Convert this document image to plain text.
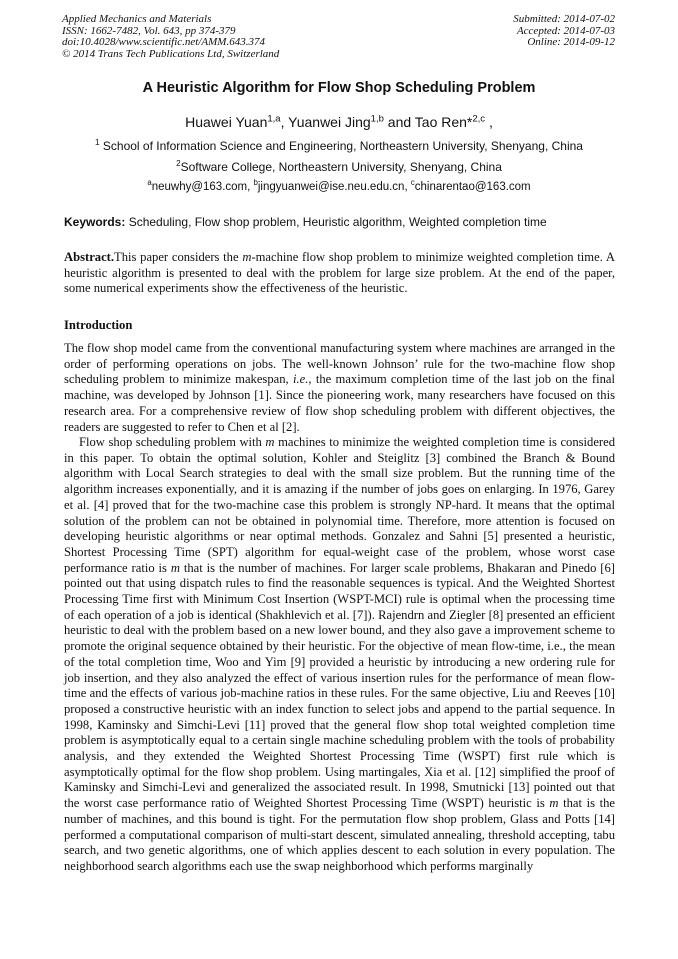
Applied Mechanics and Materials
ISSN: 1662-7482, Vol. 643, pp 374-379
doi:10.4028/www.scientific.net/AMM.643.374
© 2014 Trans Tech Publications Ltd, Switzerland
Submitted: 2014-07-02
Accepted: 2014-07-03
Online: 2014-09-12
A Heuristic Algorithm for Flow Shop Scheduling Problem
Huawei Yuan$^{1,a}$, Yuanwei Jing$^{1,b}$ and Tao Ren*$^{2,c}$ ,
$^1$ School of Information Science and Engineering, Northeastern University, Shenyang, China
$^2$Software College, Northeastern University, Shenyang, China
$^a$neuwhy@163.com, $^b$jingyuanwei@ise.neu.edu.cn, $^c$chinarentao@163.com
Keywords: Scheduling, Flow shop problem, Heuristic algorithm, Weighted completion time
Abstract.This paper considers the m-machine flow shop problem to minimize weighted completion time. A heuristic algorithm is presented to deal with the problem for large size problem. At the end of the paper, some numerical experiments show the effectiveness of the heuristic.
Introduction
The flow shop model came from the conventional manufacturing system where machines are arranged in the order of performing operations on jobs. The well-known Johnson’ rule for the two-machine flow shop scheduling problem to minimize makespan, i.e., the maximum completion time of the last job on the final machine, was developed by Johnson [1]. Since the pioneering work, many researchers have focused on this research area. For a comprehensive review of flow shop scheduling problem with different objectives, the readers are suggested to refer to Chen et al [2].
Flow shop scheduling problem with m machines to minimize the weighted completion time is considered in this paper. To obtain the optimal solution, Kohler and Steiglitz [3] combined the Branch & Bound algorithm with Local Search strategies to deal with the small size problem. But the running time of the algorithm increases exponentially, and it is amazing if the number of jobs goes on enlarging. In 1976, Garey et al. [4] proved that for the two-machine case this problem is strongly NP-hard. It means that the optimal solution of the problem can not be obtained in polynomial time. Therefore, more attention is focused on developing heuristic algorithms or near optimal methods. Gonzalez and Sahni [5] presented a heuristic, Shortest Processing Time (SPT) algorithm for equal-weight case of the problem, whose worst case performance ratio is m that is the number of machines. For larger scale problems, Bhakaran and Pinedo [6] pointed out that using dispatch rules to find the reasonable sequences is typical. And the Weighted Shortest Processing Time first with Minimum Cost Insertion (WSPT-MCI) rule is optimal when the processing time of each operation of a job is identical (Shakhlevich et al. [7]). Rajendrn and Ziegler [8] presented an efficient heuristic to deal with the problem based on a new lower bound, and they also gave a improvement scheme to promote the original sequence obtained by their heuristic. For the objective of mean flow-time, i.e., the mean of the total completion time, Woo and Yim [9] provided a heuristic by introducing a new ordering rule for job insertion, and they also analyzed the effect of various insertion rules for the performance of mean flow-time and the effects of various job-machine ratios in these rules. For the same objective, Liu and Reeves [10] proposed a constructive heuristic with an index function to select jobs and append to the partial sequence. In 1998, Kaminsky and Simchi-Levi [11] proved that the general flow shop total weighted completion time problem is asymptotically equal to a certain single machine scheduling problem with the tools of probability analysis, and they extended the Weighted Shortest Processing Time (WSPT) first rule which is asymptotically optimal for the flow shop problem. Using martingales, Xia et al. [12] simplified the proof of Kaminsky and Simchi-Levi and generalized the associated result. In 1998, Smutnicki [13] pointed out that the worst case performance ratio of Weighted Shortest Processing Time (WSPT) heuristic is m that is the number of machines, and this bound is tight. For the permutation flow shop problem, Glass and Potts [14] performed a computational comparison of multi-start descent, simulated annealing, threshold accepting, tabu search, and two genetic algorithms, one of which applies descent to each solution in every population. The neighborhood search algorithms each use the swap neighborhood which performs marginally
